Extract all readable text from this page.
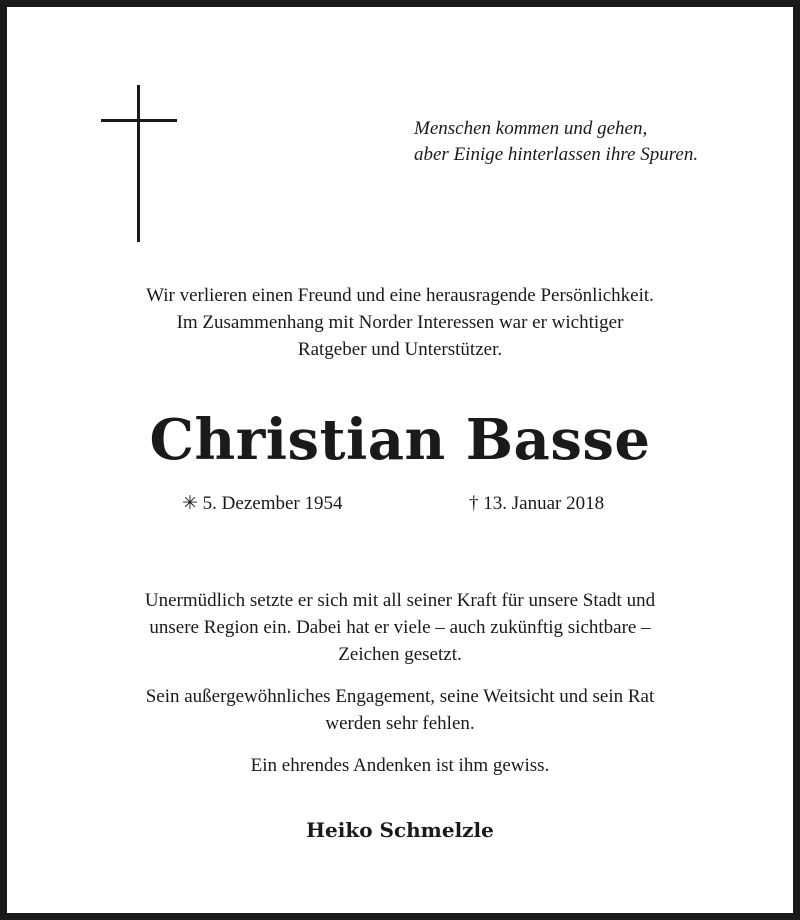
Menschen kommen und gehen,
aber Einige hinterlassen ihre Spuren.
Wir verlieren einen Freund und eine herausragende Persönlichkeit.
Im Zusammenhang mit Norder Interessen war er wichtiger
Ratgeber und Unterstützer.
Christian Basse
✳ 5. Dezember 1954	† 13. Januar 2018
Unermüdlich setzte er sich mit all seiner Kraft für unsere Stadt und
unsere Region ein. Dabei hat er viele – auch zukünftig sichtbare –
Zeichen gesetzt.
Sein außergewöhnliches Engagement, seine Weitsicht und sein Rat
werden sehr fehlen.
Ein ehrendes Andenken ist ihm gewiss.
Heiko Schmelzle
